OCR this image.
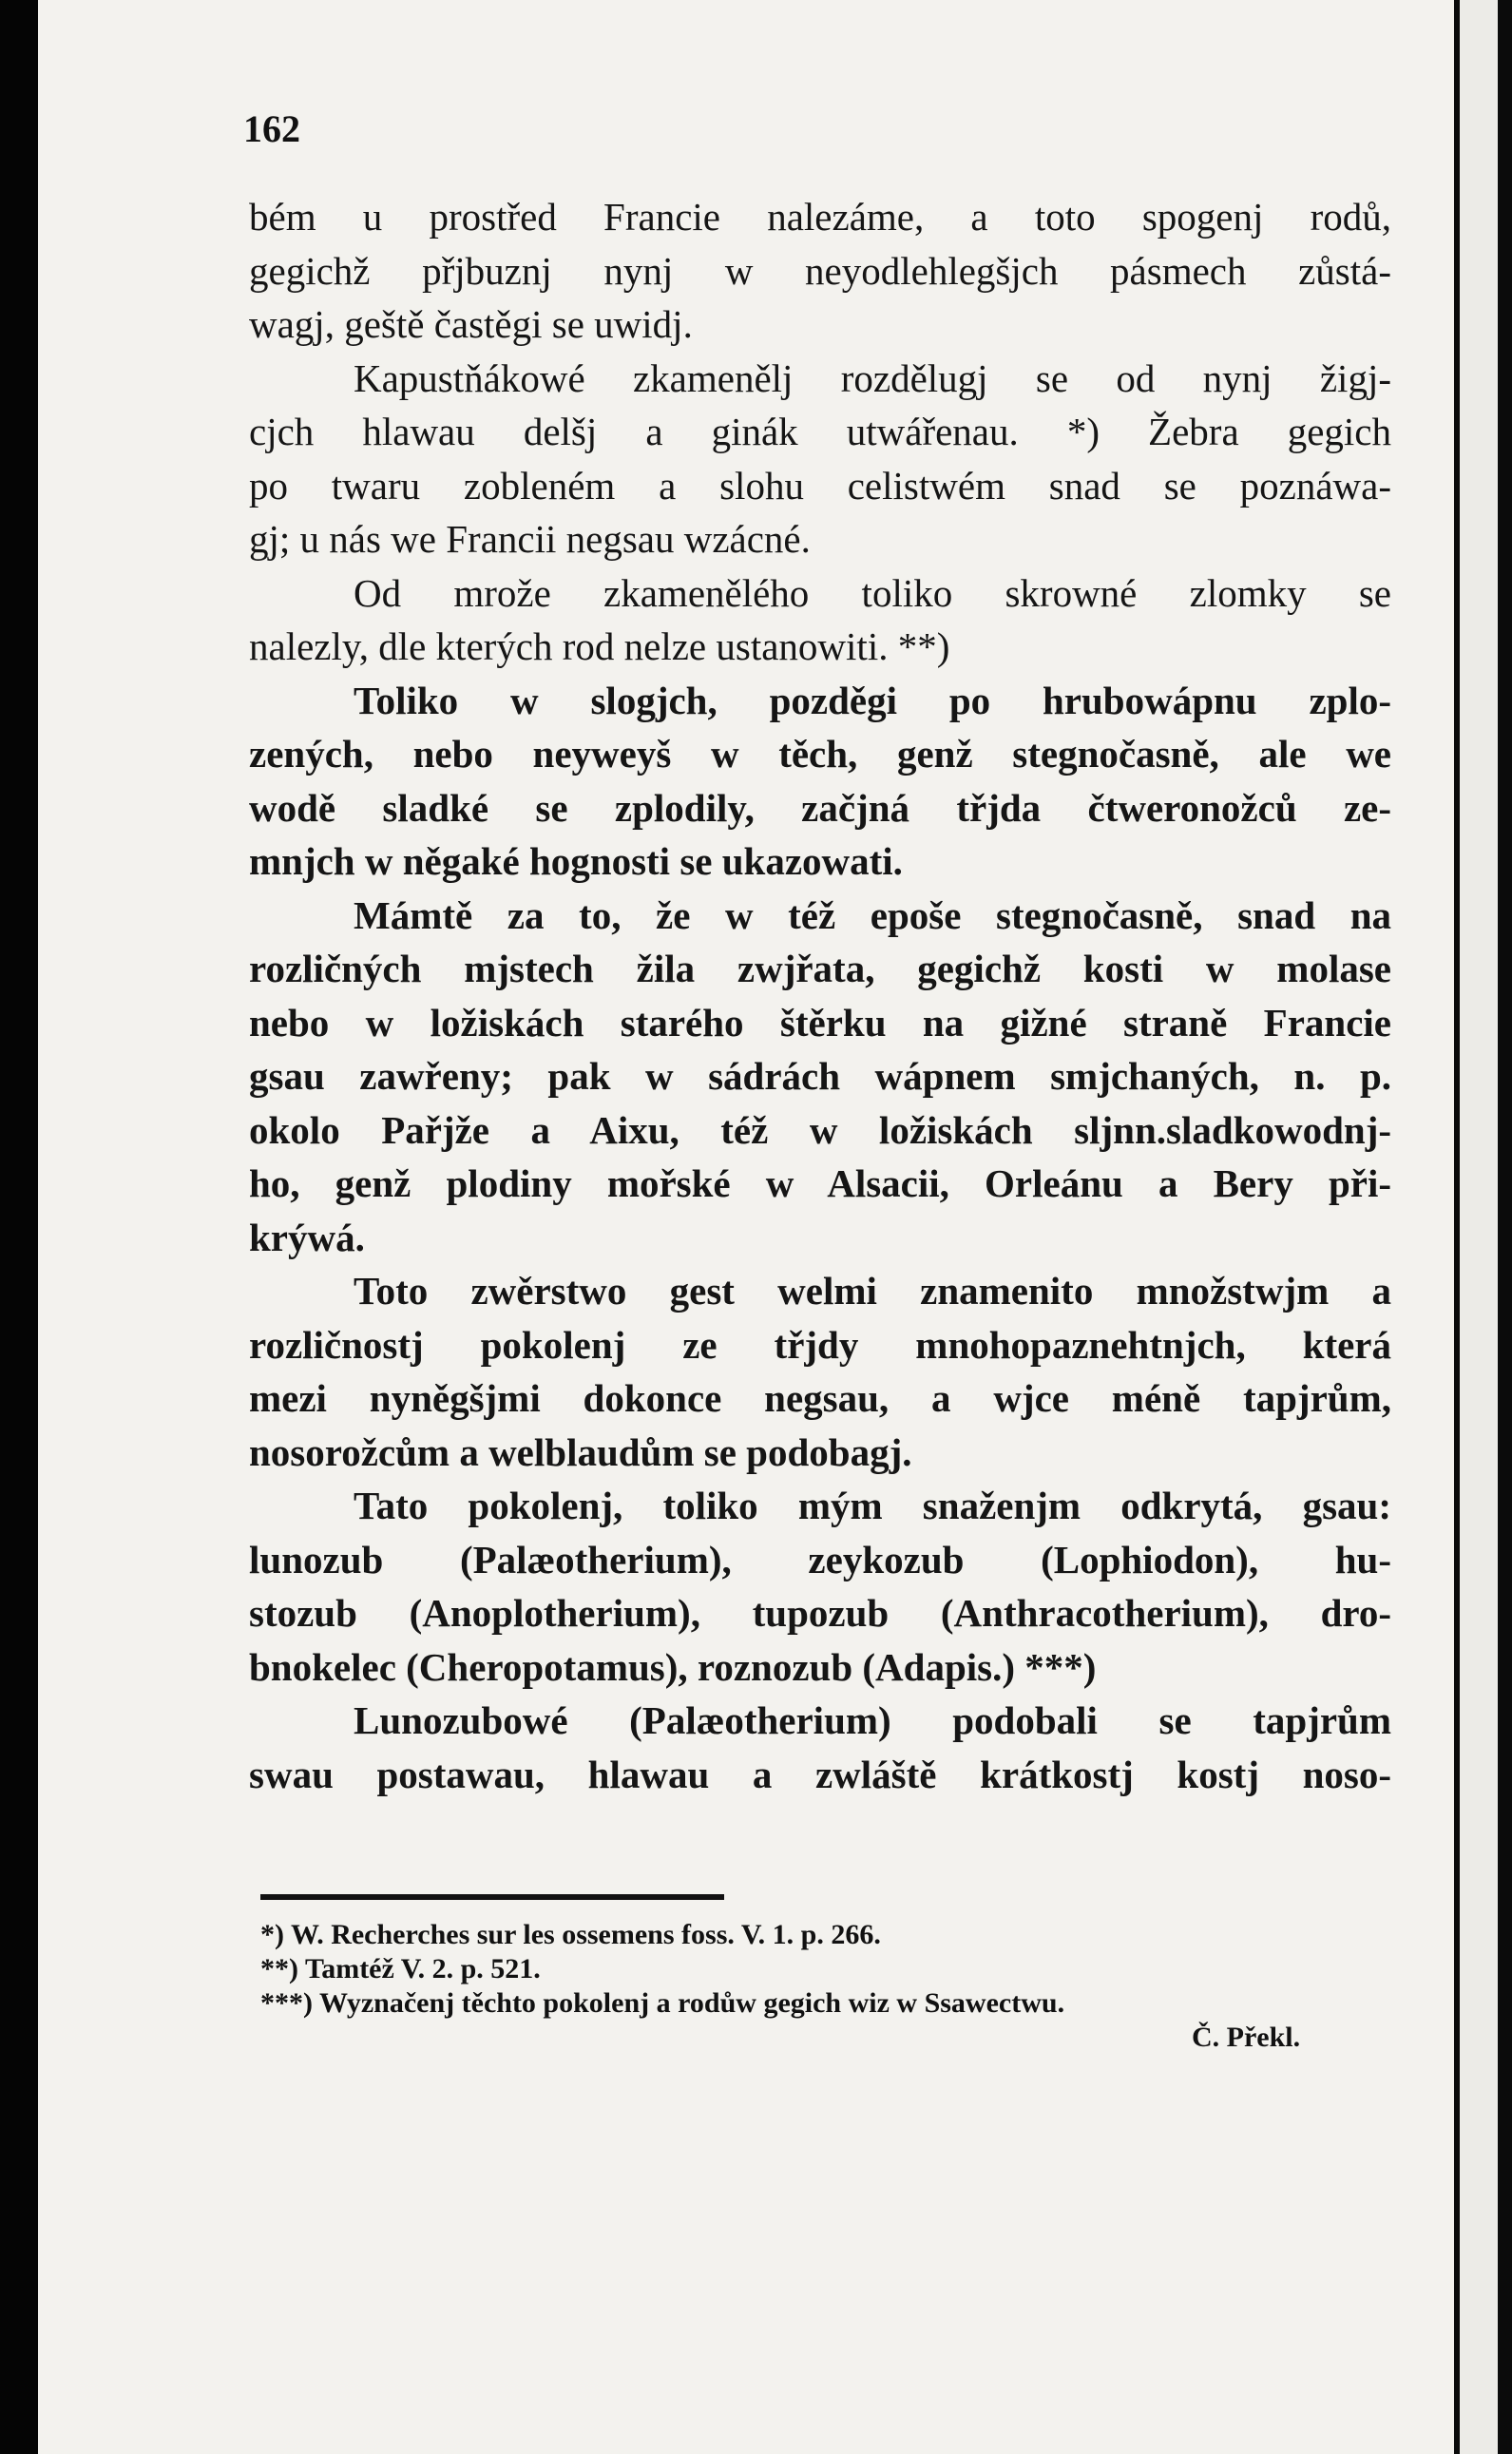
162

bém u prostřed Francie nalezáme, a toto spogenj rodů,
gegichž přjbuznj nynj w neyodlehlegšjch pásmech zůstá-
wagj, geště častěgi se uwidj.

Kapustňákowé zkamenělj rozdělugj se od nynj žigj-
cjch hlawau delšj a ginák utwářenau. *) Žebra gegich
po twaru zobleném a slohu celistwém snad se poznáwa-
gj; u nás we Francii negsau wzácné.

Od mrože zkamenělého toliko skrowné zlomky se
nalezly, dle kterých rod nelze ustanowiti. **)

Toliko w slogjch, pozděgi po hrubowápnu zplo-
zených, nebo neyweyš w těch, genž stegnočasně, ale we
wodě sladké se zplodily, začjná třjda čtweronožců ze-
mnjch w něgaké hognosti se ukazowati.

Mámtě za to, že w též epoše stegnočasně, snad na
rozličných mjstech žila zwjřata, gegichž kosti w molase
nebo w ložiskách starého štěrku na gižné straně Francie
gsau zawřeny; pak w sádrách wápnem smjchaných, n. p.
okolo Pařjže a Aixu, též w ložiskách sljnn.sladkowodnj-
ho, genž plodiny mořské w Alsacii, Orleánu a Bery při-
krýwá.

Toto zwěrstwo gest welmi znamenito množstwjm a
rozličnostj pokolenj ze třjdy mnohopaznehtnjch, která
mezi nyněgšjmi dokonce negsau, a wjce méně tapjrům,
nosorožcům a welblaudům se podobagj.

Tato pokolenj, toliko mým snaženjm odkrytá, gsau:
lunozub (Palæotherium), zeykozub (Lophiodon), hu-
stozub (Anoplotherium), tupozub (Anthracotherium), dro-
bnokelec (Cheropotamus), roznozub (Adapis.) ***)

Lunozubowé (Palæotherium) podobali se tapjrům
swau postawau, hlawau a zwláště krátkostj kostj noso-

*) W. Recherches sur les ossemens foss. V. 1. p. 266.
**) Tamtéž V. 2. p. 521.
***) Wyznačenj těchto pokolenj a rodůw gegich wiz w Ssawectwu.
Č. Překl.
